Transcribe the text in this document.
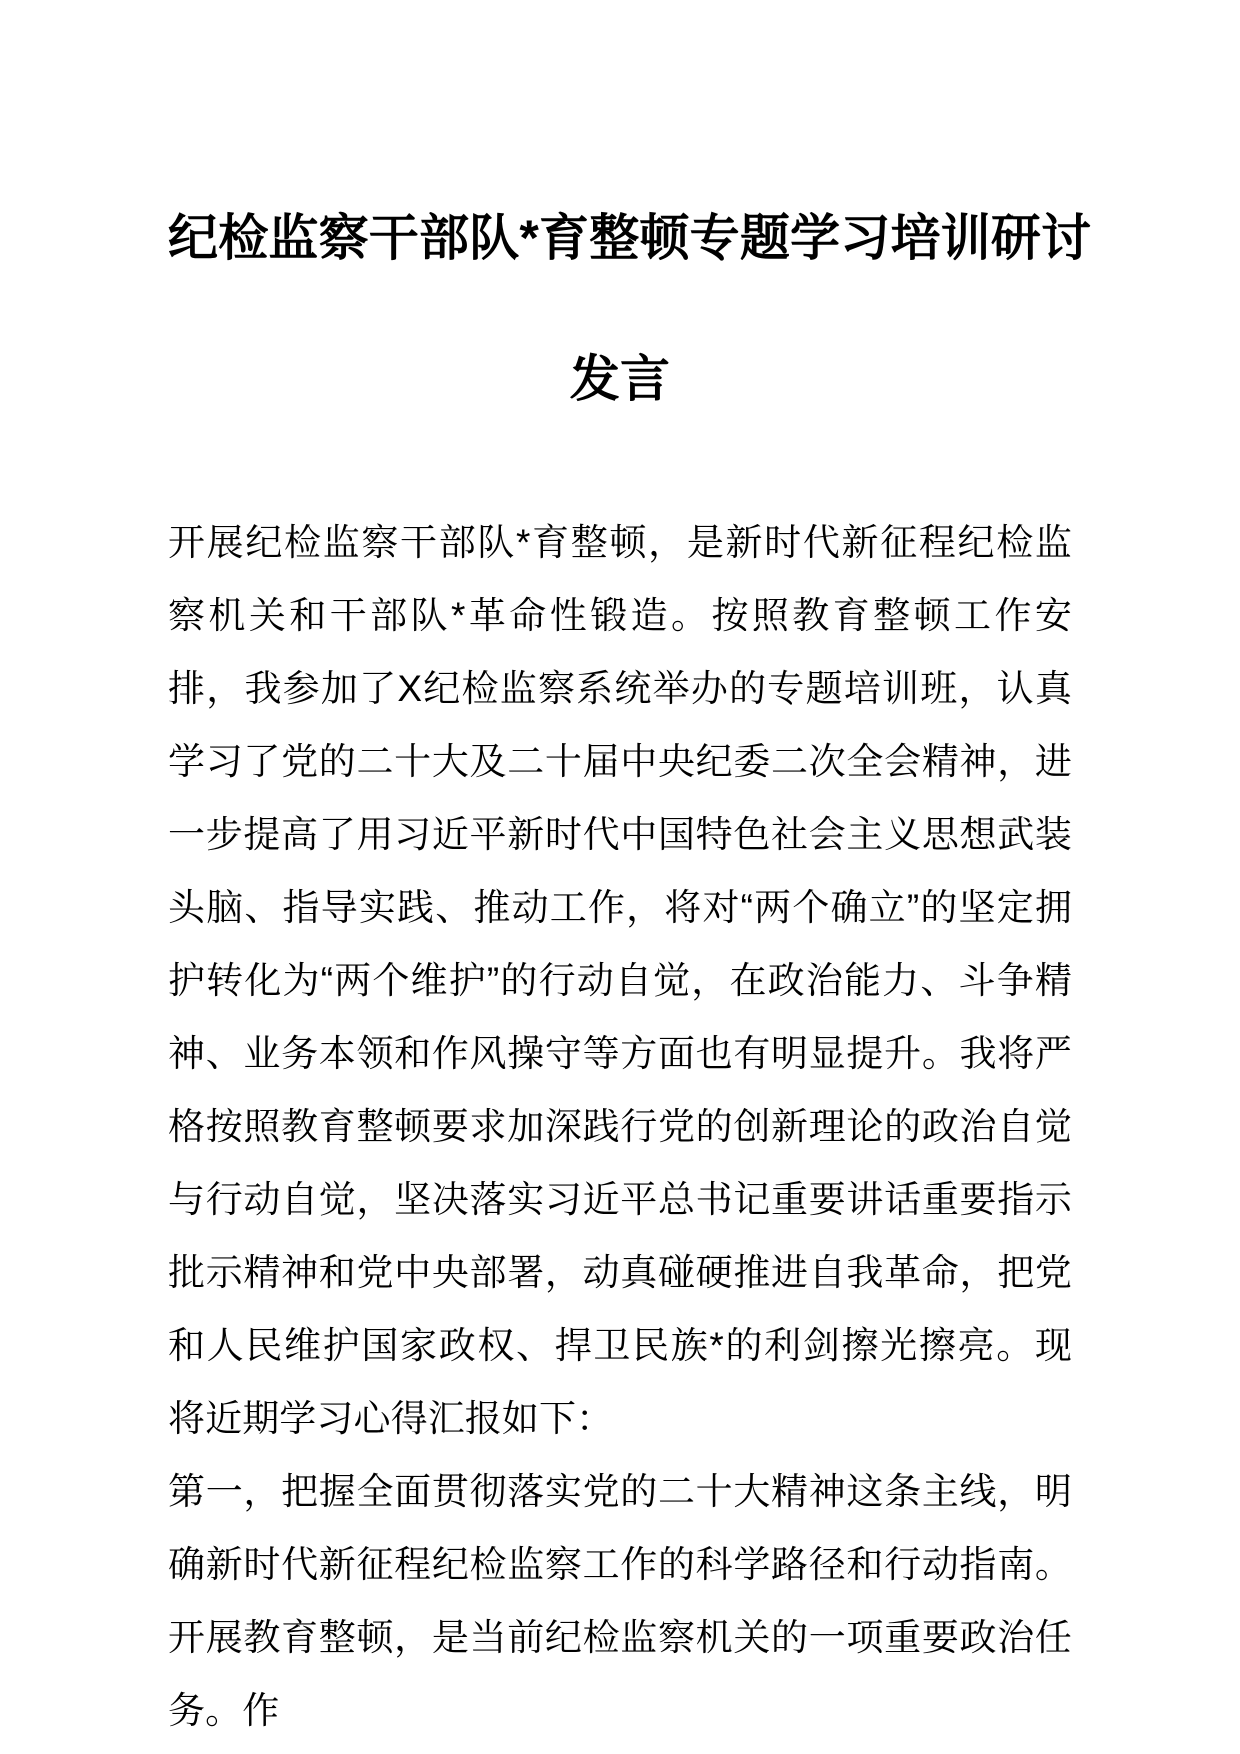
纪检监察干部队*育整顿专题学习培训研讨
发言

开展纪检监察干部队*育整顿，是新时代新征程纪检监察机关和干部队*革命性锻造。按照教育整顿工作安排，我参加了X纪检监察系统举办的专题培训班，认真学习了党的二十大及二十届中央纪委二次全会精神，进一步提高了用习近平新时代中国特色社会主义思想武装头脑、指导实践、推动工作，将对“两个确立”的坚定拥护转化为“两个维护”的行动自觉，在政治能力、斗争精神、业务本领和作风操守等方面也有明显提升。我将严格按照教育整顿要求加深践行党的创新理论的政治自觉与行动自觉，坚决落实习近平总书记重要讲话重要指示批示精神和党中央部署，动真碰硬推进自我革命，把党和人民维护国家政权、捍卫民族*的利剑擦光擦亮。现将近期学习心得汇报如下：

第一，把握全面贯彻落实党的二十大精神这条主线，明确新时代新征程纪检监察工作的科学路径和行动指南。开展教育整顿，是当前纪检监察机关的一项重要政治任务。作
